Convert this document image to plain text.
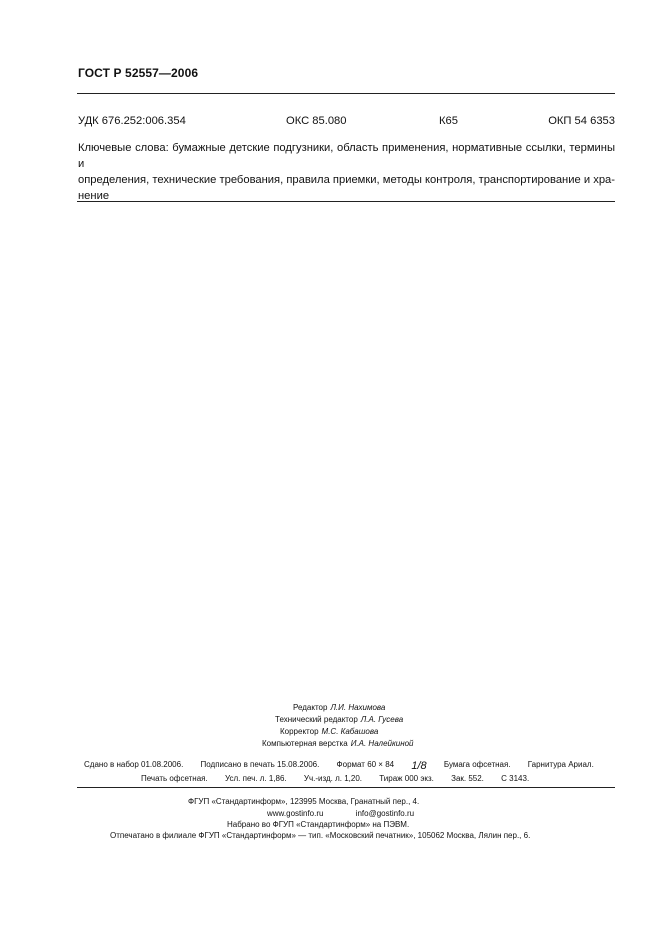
ГОСТ Р 52557—2006
УДК 676.252:006.354	ОКС 85.080	К65	ОКП 54 6353
Ключевые слова: бумажные детские подгузники, область применения, нормативные ссылки, термины и
определения, технические требования, правила приемки, методы контроля, транспортирование и хра-
нение
Редактор Л.И. Нахимова
Технический редактор Л.А. Гусева
Корректор М.С. Кабашова
Компьютерная верстка И.А. Налейкиной
Сдано в набор 01.08.2006. Подписано в печать 15.08.2006. Формат 60 × 84 1/8 Бумага офсетная. Гарнитура Ариал.
Печать офсетная. Усл. печ. л. 1,86. Уч.-изд. л. 1,20. Тираж 000 экз. Зак. 552. С 3143.
ФГУП «Стандартинформ», 123995 Москва, Гранатный пер., 4.
www.gostinfo.ru	info@gostinfo.ru
Набрано во ФГУП «Стандартинформ» на ПЭВМ.
Отпечатано в филиале ФГУП «Стандартинформ» — тип. «Московский печатник», 105062 Москва, Лялин пер., 6.
